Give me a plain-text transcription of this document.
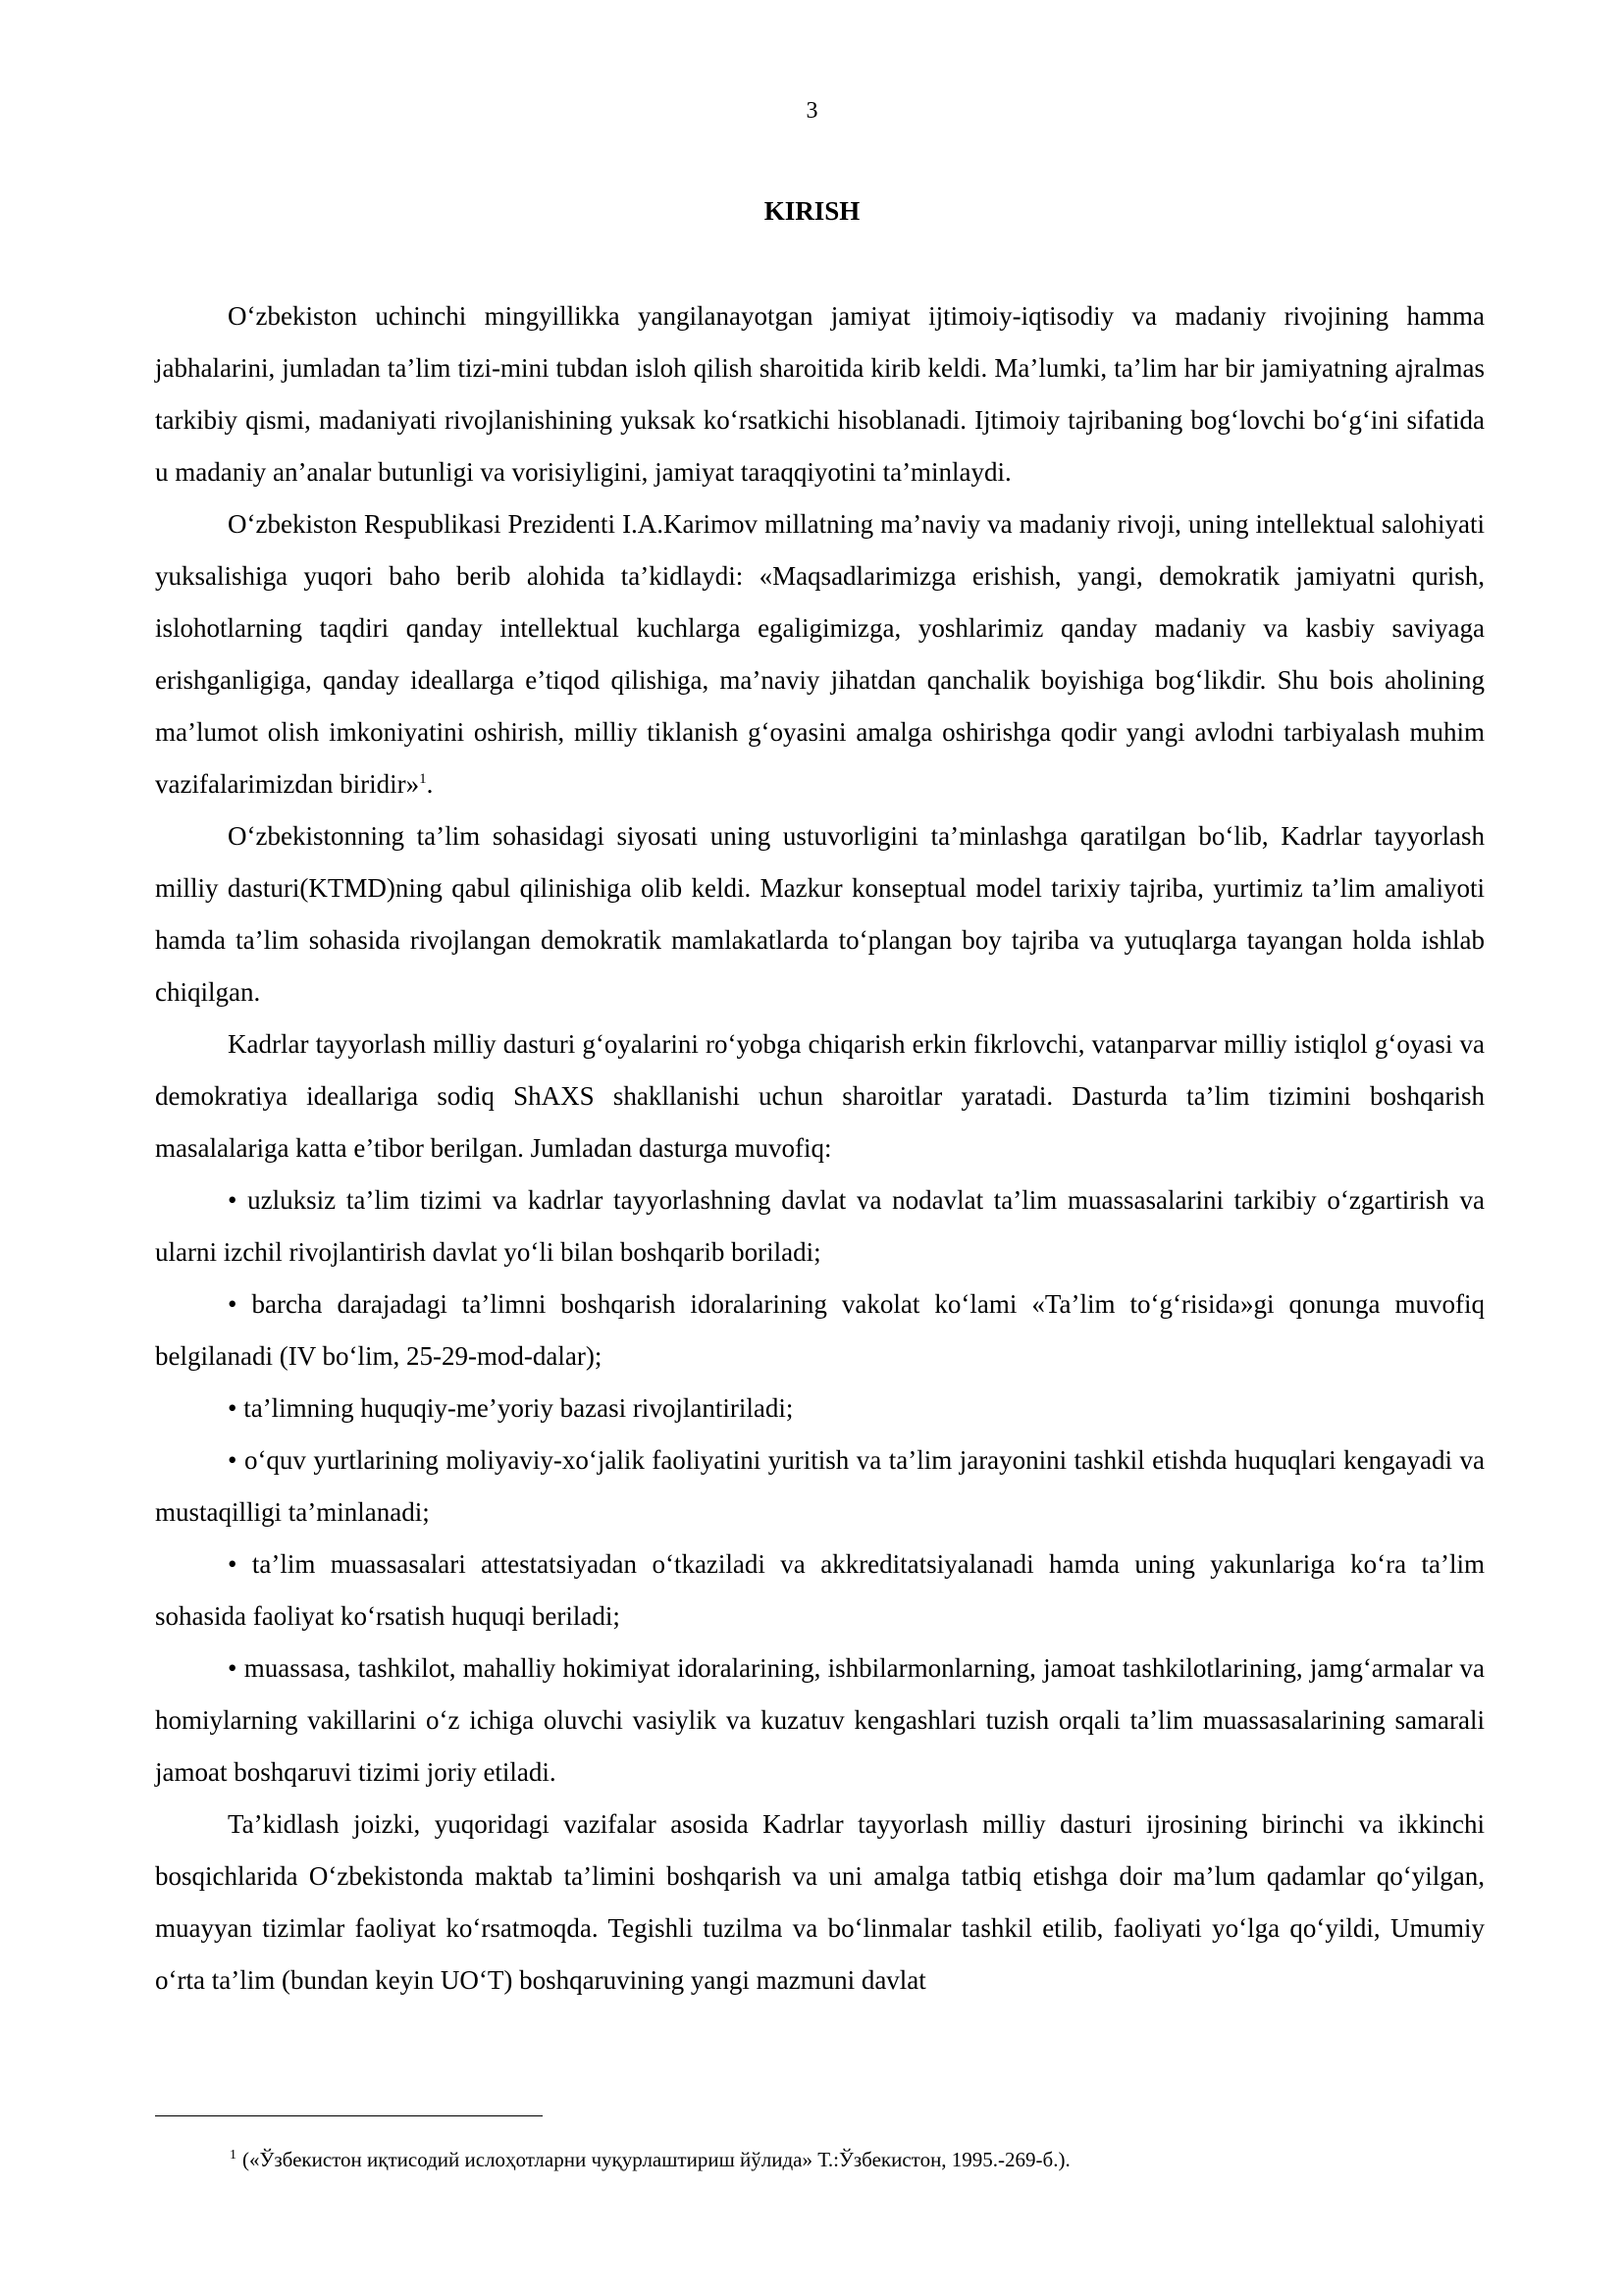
3
KIRISH

O‘zbekiston uchinchi mingyillikka yangilanayotgan jamiyat ijtimoiy-iqtisodiy va madaniy rivojining hamma jabhalarini, jumladan ta’lim tizi-mini tubdan isloh qilish sharoitida kirib keldi. Ma’lumki, ta’lim har bir jamiyatning ajralmas tarkibiy qismi, madaniyati rivojlanishining yuksak ko‘rsatkichi hisoblanadi. Ijtimoiy tajribaning bog‘lovchi bo‘g‘ini sifatida u madaniy an’analar butunligi va vorisiyligini, jamiyat taraqqiyotini ta’minlaydi.

O‘zbekiston Respublikasi Prezidenti I.A.Karimov millatning ma’naviy va madaniy rivoji, uning intellektual salohiyati yuksalishiga yuqori baho berib alohida ta’kidlaydi: «Maqsadlarimizga erishish, yangi, demokratik jamiyatni qurish, islohotlarning taqdiri qanday intellektual kuchlarga egaligimizga, yoshlarimiz qanday madaniy va kasbiy saviyaga erishganligiga, qanday ideallarga e’tiqod qilishiga, ma’naviy jihatdan qanchalik boyishiga bog‘likdir. Shu bois aholining ma’lumot olish imkoniyatini oshirish, milliy tiklanish g‘oyasini amalga oshirishga qodir yangi avlodni tarbiyalash muhim vazifalarimizdan biridir»$^1$.

O‘zbekistonning ta’lim sohasidagi siyosati uning ustuvorligini ta’minlashga qaratilgan bo‘lib, Kadrlar tayyorlash milliy dasturi(KTMD)ning qabul qilinishiga olib keldi. Mazkur konseptual model tarixiy tajriba, yurtimiz ta’lim amaliyoti hamda ta’lim sohasida rivojlangan demokratik mamlakatlarda to‘plangan boy tajriba va yutuqlarga tayangan holda ishlab chiqilgan.

Kadrlar tayyorlash milliy dasturi g‘oyalarini ro‘yobga chiqarish erkin fikrlovchi, vatanparvar milliy istiqlol g‘oyasi va demokratiya ideallariga sodiq ShAXS shakllanishi uchun sharoitlar yaratadi. Dasturda ta’lim tizimini boshqarish masalalariga katta e’tibor berilgan. Jumladan dasturga muvofiq:

• uzluksiz ta’lim tizimi va kadrlar tayyorlashning davlat va nodavlat ta’lim muassasalarini tarkibiy o‘zgartirish va ularni izchil rivojlantirish davlat yo‘li bilan boshqarib boriladi;

• barcha darajadagi ta’limni boshqarish idoralarining vakolat ko‘lami «Ta’lim to‘g‘risida»gi qonunga muvofiq belgilanadi (IV bo‘lim, 25-29-mod-dalar);

• ta’limning huquqiy-me’yoriy bazasi rivojlantiriladi;

• o‘quv yurtlarining moliyaviy-xo‘jalik faoliyatini yuritish va ta’lim jarayonini tashkil etishda huquqlari kengayadi va mustaqilligi ta’minlanadi;

• ta’lim muassasalari attestatsiyadan o‘tkaziladi va akkreditatsiyalanadi hamda uning yakunlariga ko‘ra ta’lim sohasida faoliyat ko‘rsatish huquqi beriladi;

• muassasa, tashkilot, mahalliy hokimiyat idoralarining, ishbilarmonlarning, jamoat tashkilotlarining, jamg‘armalar va homiylarning vakillarini o‘z ichiga oluvchi vasiylik va kuzatuv kengashlari tuzish orqali ta’lim muassasalarining samarali jamoat boshqaruvi tizimi joriy etiladi.

Ta’kidlash joizki, yuqoridagi vazifalar asosida Kadrlar tayyorlash milliy dasturi ijrosining birinchi va ikkinchi bosqichlarida O‘zbekistonda maktab ta’limini boshqarish va uni amalga tatbiq etishga doir ma’lum qadamlar qo‘yilgan, muayyan tizimlar faoliyat ko‘rsatmoqda. Tegishli tuzilma va bo‘linmalar tashkil etilib, faoliyati yo‘lga qo‘yildi, Umumiy o‘rta ta’lim (bundan keyin UO‘T) boshqaruvining yangi mazmuni davlat

$^1$ («Ўзбекистон иқтисодий ислоҳотларни чуқурлаштириш йўлида» Т.:Ўзбекистон, 1995.-269-б.).
